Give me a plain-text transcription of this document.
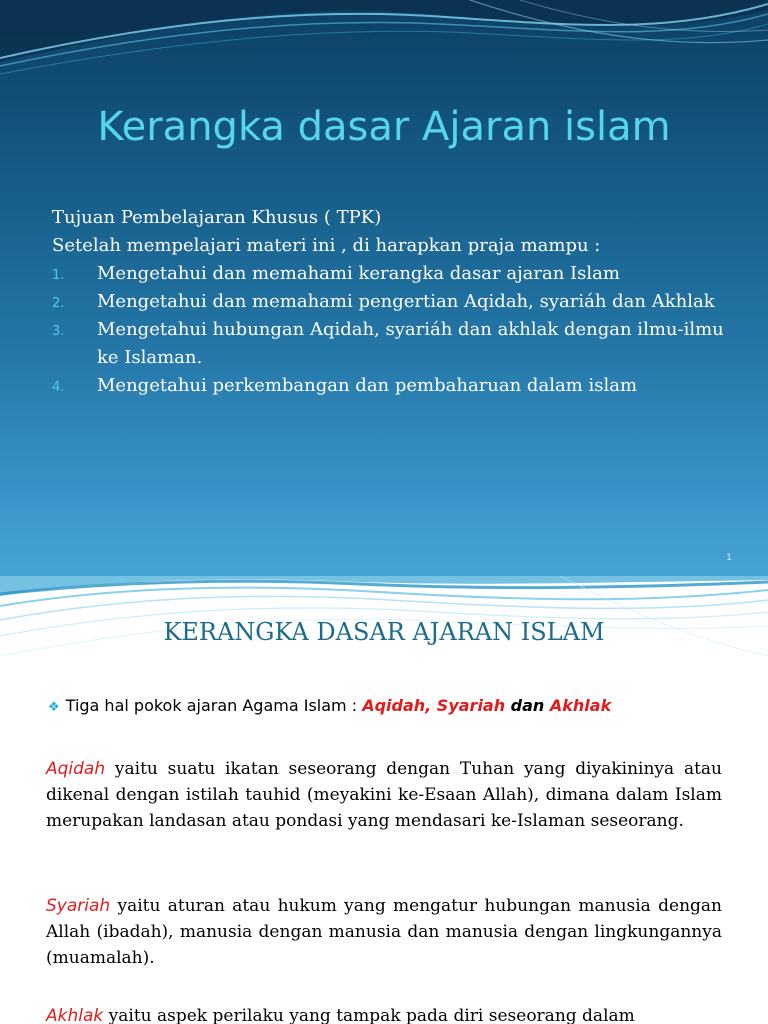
Kerangka dasar Ajaran islam

Tujuan Pembelajaran Khusus ( TPK)

Setelah mempelajari materi ini , di harapkan praja mampu :

1. Mengetahui dan memahami kerangka dasar ajaran Islam
2. Mengetahui dan memahami pengertian Aqidah, syariáh dan Akhlak
3. Mengetahui hubungan Aqidah, syariáh dan akhlak dengan ilmu-ilmu ke Islaman.
4. Mengetahui perkembangan dan pembaharuan dalam islam
1
KERANGKA DASAR AJARAN ISLAM
❖ Tiga hal pokok ajaran Agama Islam : Aqidah, Syariah dan Akhlak
Aqidah yaitu suatu ikatan seseorang dengan Tuhan yang diyakininya atau dikenal dengan istilah tauhid (meyakini ke-Esaan Allah), dimana dalam Islam merupakan landasan atau pondasi yang mendasari ke-Islaman seseorang.
Syariah yaitu aturan atau hukum yang mengatur hubungan manusia dengan Allah (ibadah), manusia dengan manusia dan manusia dengan lingkungannya (muamalah).
Akhlak yaitu aspek perilaku yang tampak pada diri seseorang dalam
